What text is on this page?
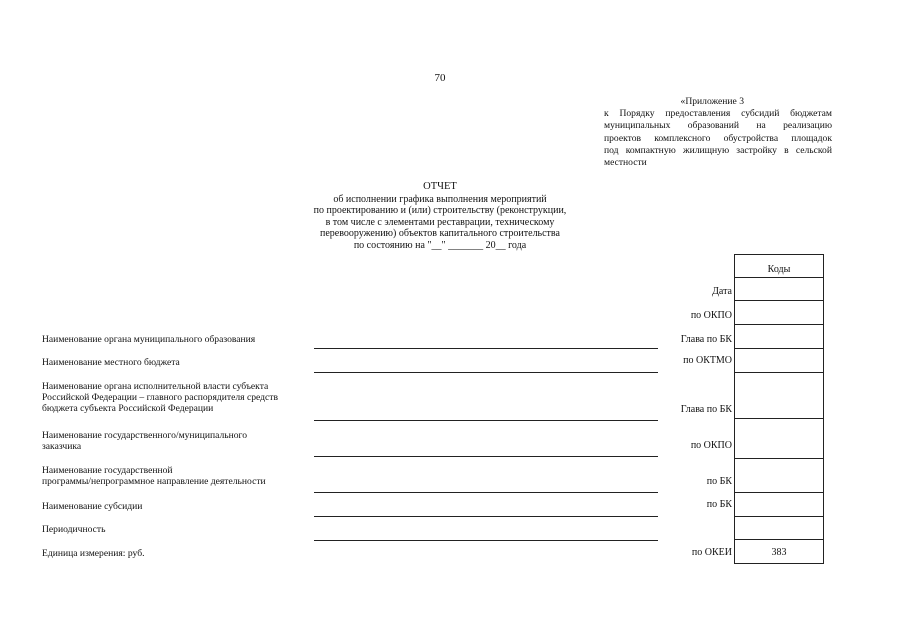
70
«Приложение 3
к Порядку предоставления субсидий бюджетам
муниципальных образований на реализацию
проектов комплексного обустройства площадок
под компактную жилищную застройку в сельской
местности
ОТЧЕТ
об исполнении графика выполнения мероприятий
по проектированию и (или) строительству (реконструкции,
в том числе с элементами реставрации, техническому
перевооружению) объектов капитального строительства
по состоянию на "__" _______ 20__ года
Коды
383
Дата
по ОКПО
Глава по БК
по ОКТМО
Глава по БК
по ОКПО
по БК
по БК
по ОКЕИ
Наименование органа муниципального образования
Наименование местного бюджета
Наименование органа исполнительной власти субъекта
Российской Федерации – главного распорядителя средств
бюджета субъекта Российской Федерации
Наименование государственного/муниципального
заказчика
Наименование государственной
программы/непрограммное направление деятельности
Наименование субсидии
Периодичность
Единица измерения: руб.
